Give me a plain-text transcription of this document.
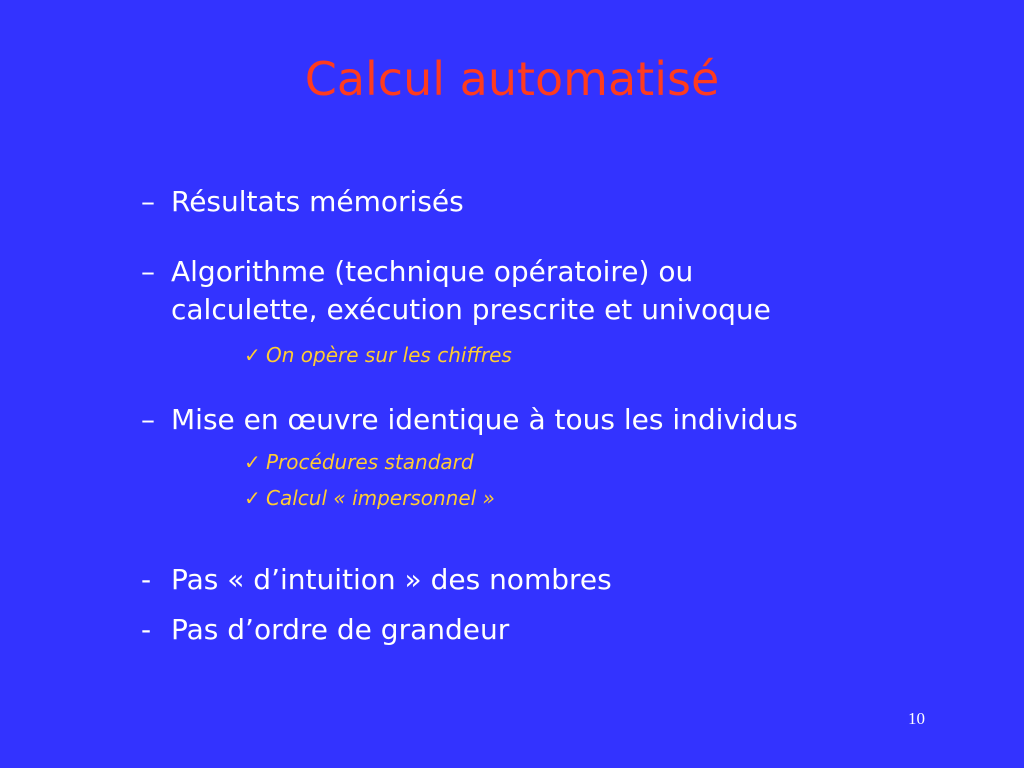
Calcul automatisé
– Résultats mémorisés
– Algorithme (technique opératoire) ou
calculette, exécution prescrite et univoque
✓ On opère sur les chiffres
– Mise en œuvre identique à tous les individus
✓ Procédures standard
✓ Calcul « impersonnel »
- Pas « d’intuition » des nombres
- Pas d’ordre de grandeur
10
